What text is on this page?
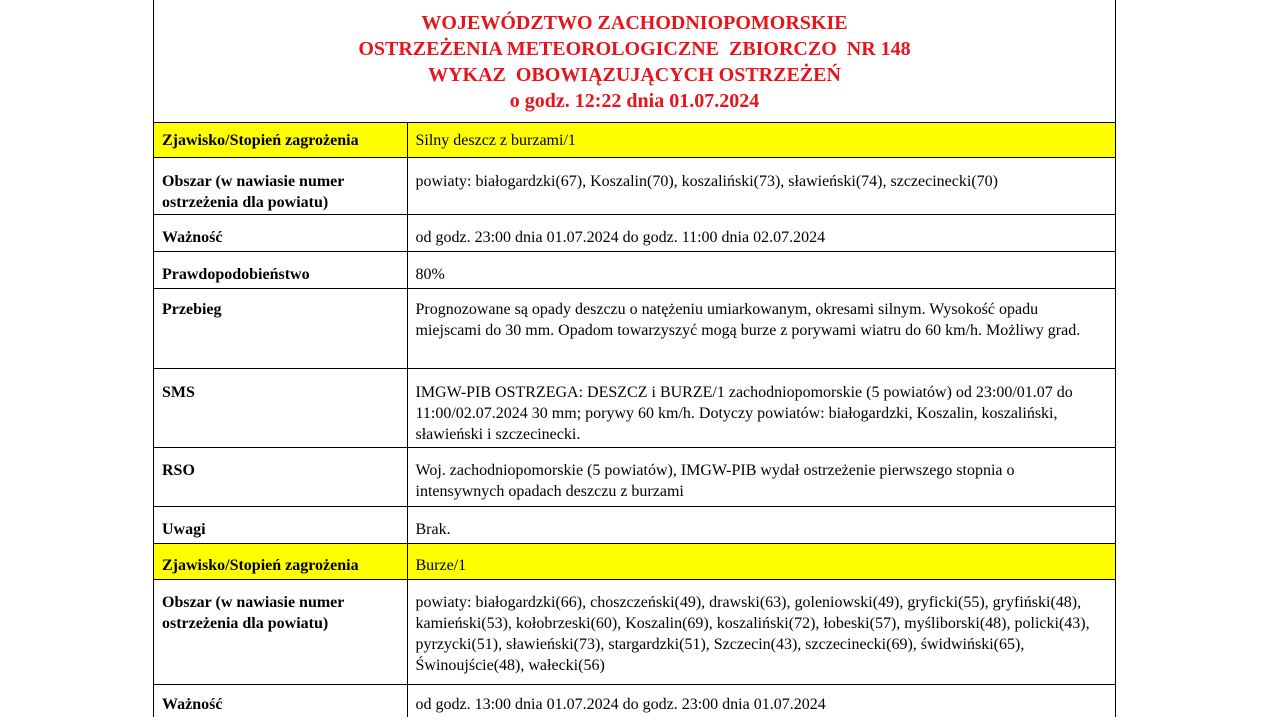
WOJEWÓDZTWO ZACHODNIOPOMORSKIE
OSTRZEŻENIA METEOROLOGICZNE  ZBIORCZO  NR 148
WYKAZ  OBOWIĄZUJĄCYCH OSTRZEŻEŃ
o godz. 12:22 dnia 01.07.2024
Zjawisko/Stopień zagrożenia	Silny deszcz z burzami/1
Obszar (w nawiasie numer ostrzeżenia dla powiatu)	powiaty: białogardzki(67), Koszalin(70), koszaliński(73), sławieński(74), szczecinecki(70)
Ważność	od godz. 23:00 dnia 01.07.2024 do godz. 11:00 dnia 02.07.2024
Prawdopodobieństwo	80%
Przebieg	Prognozowane są opady deszczu o natężeniu umiarkowanym, okresami silnym. Wysokość opadu miejscami do 30 mm. Opadom towarzyszyć mogą burze z porywami wiatru do 60 km/h. Możliwy grad.
SMS	IMGW-PIB OSTRZEGA: DESZCZ i BURZE/1 zachodniopomorskie (5 powiatów) od 23:00/01.07 do 11:00/02.07.2024 30 mm; porywy 60 km/h. Dotyczy powiatów: białogardzki, Koszalin, koszaliński, sławieński i szczecinecki.
RSO	Woj. zachodniopomorskie (5 powiatów), IMGW-PIB wydał ostrzeżenie pierwszego stopnia o intensywnych opadach deszczu z burzami
Uwagi	Brak.
Zjawisko/Stopień zagrożenia	Burze/1
Obszar (w nawiasie numer ostrzeżenia dla powiatu)	powiaty: białogardzki(66), choszczeński(49), drawski(63), goleniowski(49), gryficki(55), gryfiński(48), kamieński(53), kołobrzeski(60), Koszalin(69), koszaliński(72), łobeski(57), myśliborski(48), policki(43), pyrzycki(51), sławieński(73), stargardzki(51), Szczecin(43), szczecinecki(69), świdwiński(65), Świnoujście(48), wałecki(56)
Ważność	od godz. 13:00 dnia 01.07.2024 do godz. 23:00 dnia 01.07.2024
